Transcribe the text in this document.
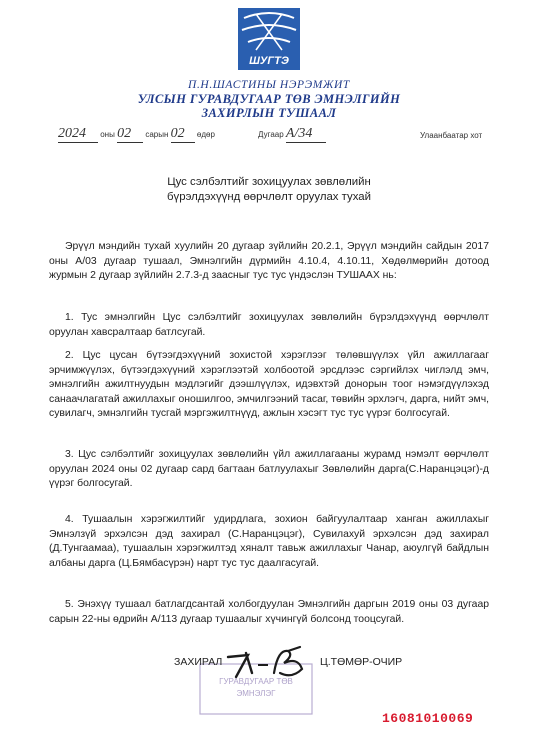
ШУГТЭ
П.Н.ШАСТИНЫ НЭРЭМЖИТ
УЛСЫН ГУРАВДУГААР ТӨВ ЭМНЭЛГИЙН
ЗАХИРЛЫН ТУШААЛ
2024 оны 02 сарын 02 өдөр	Дугаар А/34	Улаанбаатар хот
Цус сэлбэлтийг зохицуулах зөвлөлийн
бүрэлдэхүүнд өөрчлөлт оруулах тухай
Эрүүл мэндийн тухай хуулийн 20 дугаар зүйлийн 20.2.1, Эрүүл мэндийн сайдын 2017 оны А/03 дугаар тушаал, Эмнэлгийн дүрмийн 4.10.4, 4.10.11, Хөдөлмөрийн дотоод журмын 2 дугаар зүйлийн 2.7.3-д заасныг тус тус үндэслэн ТУШААХ нь:
1. Тус эмнэлгийн Цус сэлбэлтийг зохицуулах зөвлөлийн бүрэлдэхүүнд өөрчлөлт оруулан хавсралтаар батлсугай.
2. Цус цусан бүтээгдэхүүний зохистой хэрэглээг төлөвшүүлэх үйл ажиллагааг эрчимжүүлэх, бүтээгдэхүүний хэрэглээтэй холбоотой эрсдлээс сэргийлэх чиглэлд эмч, эмнэлгийн ажилтнуудын мэдлэгийг дээшлүүлэх, идэвхтэй донорын тоог нэмэгдүүлэхэд санаачлагатай ажиллахыг оношилгоо, эмчилгээний тасаг, төвийн эрхлэгч, дарга, нийт эмч, сувилагч, эмнэлгийн тусгай мэргэжилтнүүд, ажлын хэсэгт тус тус үүрэг болгосугай.
3. Цус сэлбэлтийг зохицуулах зөвлөлийн үйл ажиллагааны журамд нэмэлт өөрчлөлт оруулан 2024 оны 02 дугаар сард багтаан батлуулахыг Зөвлөлийн дарга(С.Наранцэцэг)-д үүрэг болгосугай.
4. Тушаалын хэрэгжилтийг удирдлага, зохион байгуулалтаар ханган ажиллахыг Эмнэлзүй эрхэлсэн дэд захирал (С.Наранцэцэг), Сувилахуй эрхэлсэн дэд захирал (Д.Тунгаамаа), тушаалын хэрэгжилтэд хяналт тавьж ажиллахыг Чанар, аюулгүй байдлын албаны дарга (Ц.Бямбасүрэн) нарт тус тус даалгасугай.
5. Энэхүү тушаал батлагдсантай холбогдуулан Эмнэлгийн даргын 2019 оны 03 дугаар сарын 22-ны өдрийн А/113 дугаар тушаалыг хүчингүй болсонд тооцсугай.
ГУРАВДУГААР ТӨВ
ЭМНЭЛЭГ
ЗАХИРАЛ	Ц.ТӨМӨР-ОЧИР
16081010069
